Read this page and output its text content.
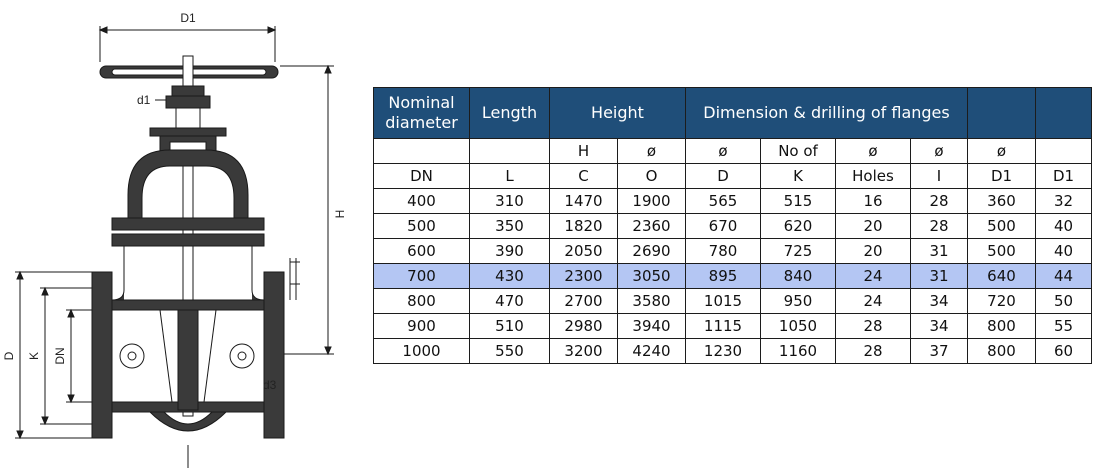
D1
d1
H
D K DN
d3
Nominal diameter	Length	Height		Dimension & drilling of flanges					
		H	ø	ø	No of	ø	ø	ø	
DN	L	C	O	D	K	Holes	I	D1	D1
400	310	1470	1900	565	515	16	28	360	32
500	350	1820	2360	670	620	20	28	500	40
600	390	2050	2690	780	725	20	31	500	40
700	430	2300	3050	895	840	24	31	640	44
800	470	2700	3580	1015	950	24	34	720	50
900	510	2980	3940	1115	1050	28	34	800	55
1000	550	3200	4240	1230	1160	28	37	800	60
